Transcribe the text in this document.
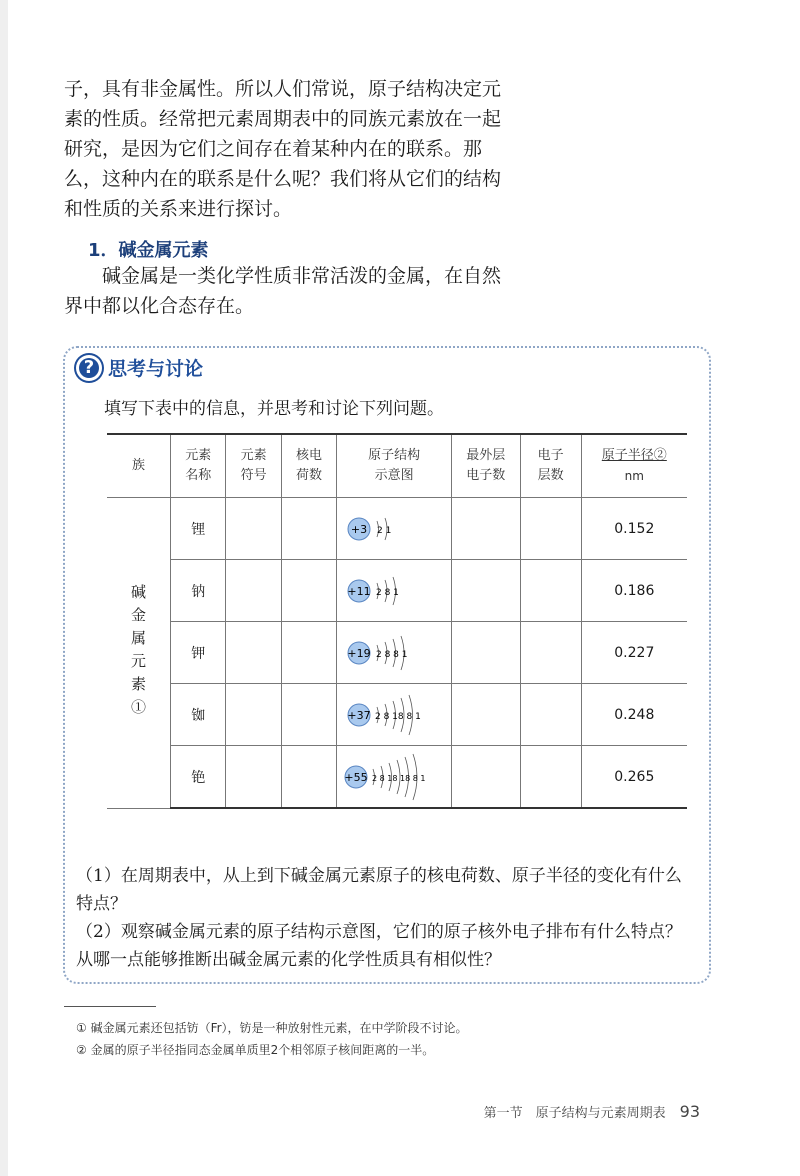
子，具有非金属性。所以人们常说，原子结构决定元素的性质。经常把元素周期表中的同族元素放在一起研究，是因为它们之间存在着某种内在的联系。那么，这种内在的联系是什么呢？我们将从它们的结构和性质的关系来进行探讨。

1．碱金属元素

碱金属是一类化学性质非常活泼的金属，在自然界中都以化合态存在。

? 思考与讨论

填写下表中的信息，并思考和讨论下列问题。

族	元素名称	元素符号	核电荷数	原子结构示意图	最外层电子数	电子层数	原子半径②
nm

碱金属元素①	锂			+3 2 1			0.152
	钠			+11 2 8 1			0.186
	钾			+19 2 8 8 1			0.227
	铷			+37 2 8 18 8 1			0.248
	铯			+55 2 8 18 18 8 1			0.265

（1）在周期表中，从上到下碱金属元素原子的核电荷数、原子半径的变化有什么特点？

（2）观察碱金属元素的原子结构示意图，它们的原子核外电子排布有什么特点？从哪一点能够推断出碱金属元素的化学性质具有相似性？

① 碱金属元素还包括钫（Fr），钫是一种放射性元素，在中学阶段不讨论。

② 金属的原子半径指同态金属单质里2个相邻原子核间距离的一半。

第一节　原子结构与元素周期表 93
